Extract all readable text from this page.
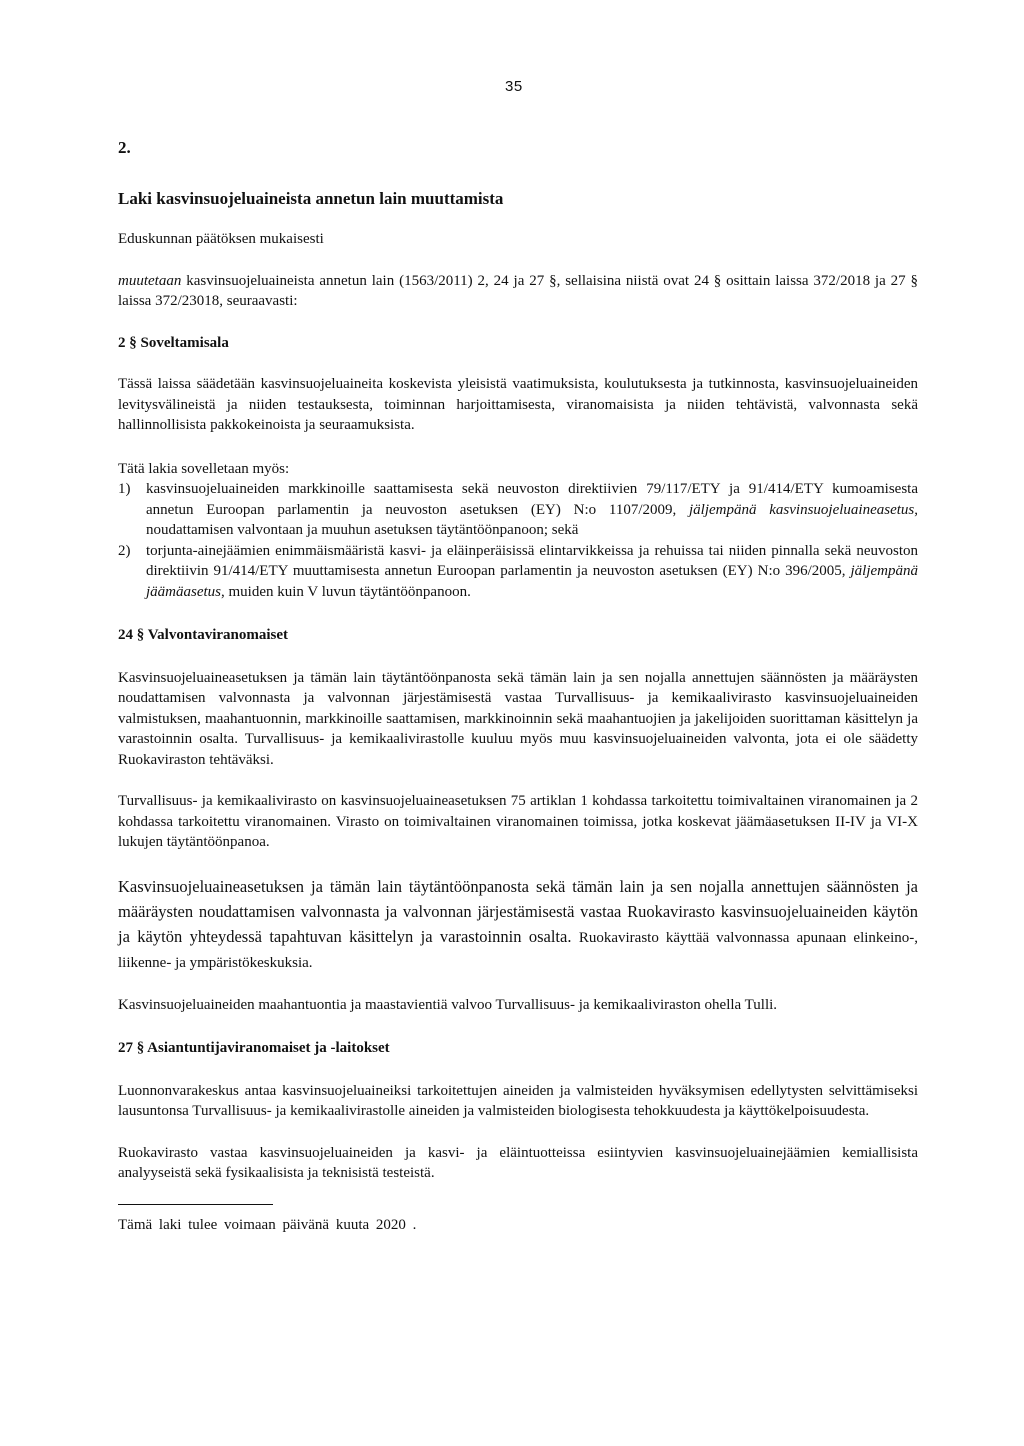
35

2.

Laki kasvinsuojeluaineista annetun lain muuttamista

Eduskunnan päätöksen mukaisesti

muutetaan kasvinsuojeluaineista annetun lain (1563/2011) 2, 24 ja 27 §, sellaisina niistä ovat 24 § osittain laissa 372/2018 ja 27 § laissa 372/23018, seuraavasti:

2 § Soveltamisala

Tässä laissa säädetään kasvinsuojeluaineita koskevista yleisistä vaatimuksista, koulutuksesta ja tutkinnosta, kasvinsuojeluaineiden levitysvälineistä ja niiden testauksesta, toiminnan harjoittamisesta, viranomaisista ja niiden tehtävistä, valvonnasta sekä hallinnollisista pakkokeinoista ja seuraamuksista.

Tätä lakia sovelletaan myös:

1) kasvinsuojeluaineiden markkinoille saattamisesta sekä neuvoston direktiivien 79/117/ETY ja 91/414/ETY kumoamisesta annetun Euroopan parlamentin ja neuvoston asetuksen (EY) N:o 1107/2009, jäljempänä kasvinsuojeluaineasetus, noudattamisen valvontaan ja muuhun asetuksen täytäntöönpanoon; sekä
2) torjunta-ainejäämien enimmäismääristä kasvi- ja eläinperäisissä elintarvikkeissa ja rehuissa tai niiden pinnalla sekä neuvoston direktiivin 91/414/ETY muuttamisesta annetun Euroopan parlamentin ja neuvoston asetuksen (EY) N:o 396/2005, jäljempänä jäämäasetus, muiden kuin V luvun täytäntöönpanoon.

24 § Valvontaviranomaiset

Kasvinsuojeluaineasetuksen ja tämän lain täytäntöönpanosta sekä tämän lain ja sen nojalla annettujen säännösten ja määräysten noudattamisen valvonnasta ja valvonnan järjestämisestä vastaa Turvallisuus- ja kemikaalivirasto kasvinsuojeluaineiden valmistuksen, maahantuonnin, markkinoille saattamisen, markkinoinnin sekä maahantuojien ja jakelijoiden suorittaman käsittelyn ja varastoinnin osalta. Turvallisuus- ja kemikaalivirastolle kuuluu myös muu kasvinsuojeluaineiden valvonta, jota ei ole säädetty Ruokaviraston tehtäväksi.

Turvallisuus- ja kemikaalivirasto on kasvinsuojeluaineasetuksen 75 artiklan 1 kohdassa tarkoitettu toimivaltainen viranomainen ja 2 kohdassa tarkoitettu viranomainen. Virasto on toimivaltainen viranomainen toimissa, jotka koskevat jäämäasetuksen II-IV ja VI-X lukujen täytäntöönpanoa.

Kasvinsuojeluaineasetuksen ja tämän lain täytäntöönpanosta sekä tämän lain ja sen nojalla annettujen säännösten ja määräysten noudattamisen valvonnasta ja valvonnan järjestämisestä vastaa Ruokavirasto kasvinsuojeluaineiden käytön ja käytön yhteydessä tapahtuvan käsittelyn ja varastoinnin osalta. Ruokavirasto käyttää valvonnassa apunaan elinkeino-, liikenne- ja ympäristökeskuksia.

Kasvinsuojeluaineiden maahantuontia ja maastavientiä valvoo Turvallisuus- ja kemikaaliviraston ohella Tulli.

27 § Asiantuntijaviranomaiset ja -laitokset

Luonnonvarakeskus antaa kasvinsuojeluaineiksi tarkoitettujen aineiden ja valmisteiden hyväksymisen edellytysten selvittämiseksi lausuntonsa Turvallisuus- ja kemikaalivirastolle aineiden ja valmisteiden biologisesta tehokkuudesta ja käyttökelpoisuudesta.

Ruokavirasto vastaa kasvinsuojeluaineiden ja kasvi- ja eläintuotteissa esiintyvien kasvinsuojeluainejäämien kemiallisista analyyseistä sekä fysikaalisista ja teknisistä testeistä.

Tämä laki tulee voimaan päivänä kuuta 2020 .
